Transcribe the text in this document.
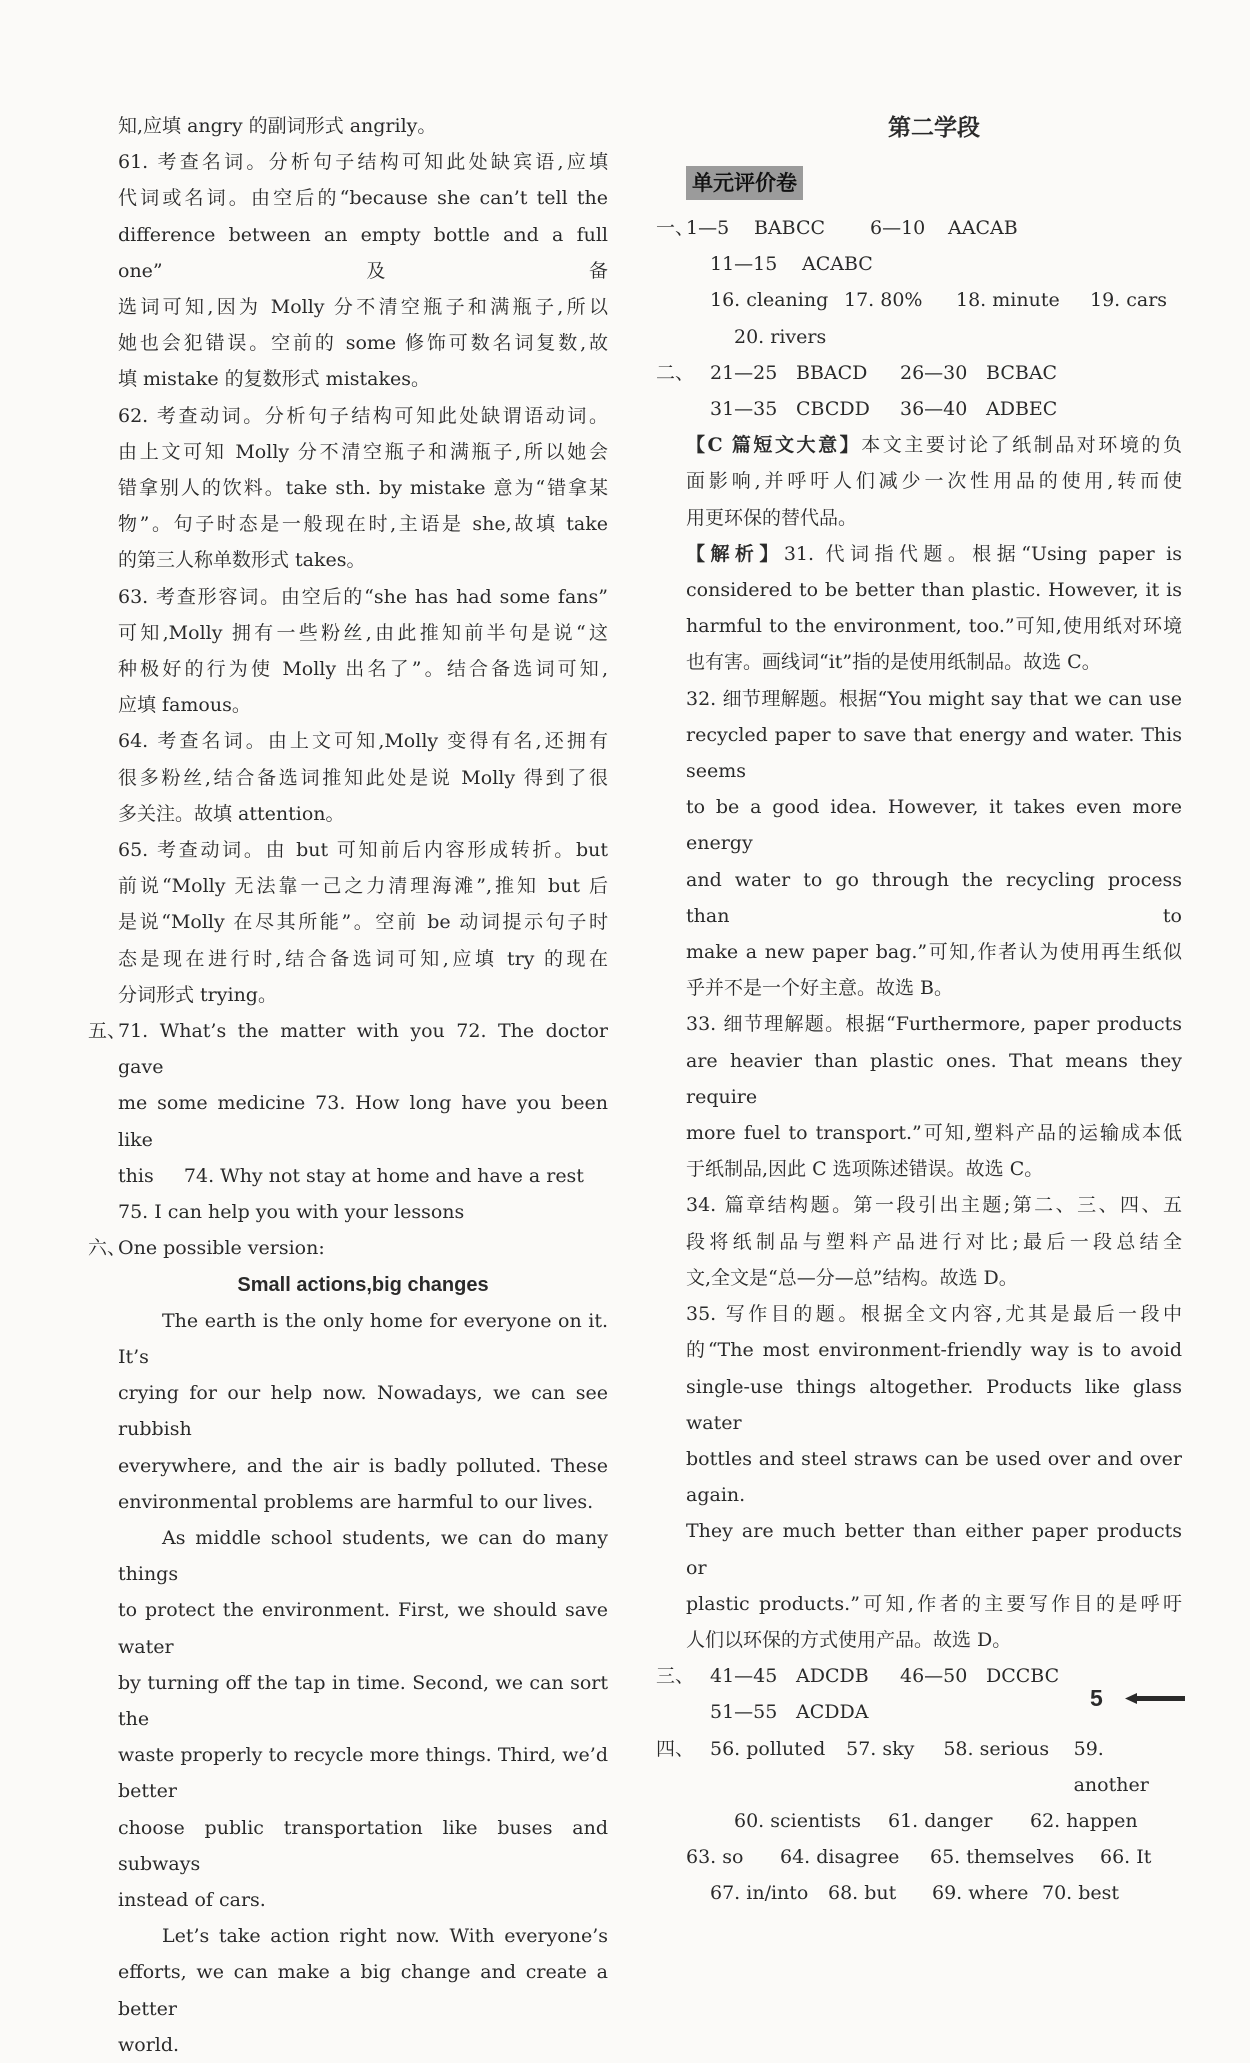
知,应填 angry 的副词形式 angrily。

61. 考查名词。分析句子结构可知此处缺宾语,应填

代词或名词。由空后的“because she can’t tell the

difference between an empty bottle and a full one”及备

选词可知,因为 Molly 分不清空瓶子和满瓶子,所以

她也会犯错误。空前的 some 修饰可数名词复数,故

填 mistake 的复数形式 mistakes。

62. 考查动词。分析句子结构可知此处缺谓语动词。

由上文可知 Molly 分不清空瓶子和满瓶子,所以她会

错拿别人的饮料。take sth. by mistake 意为“错拿某

物”。句子时态是一般现在时,主语是 she,故填 take

的第三人称单数形式 takes。

63. 考查形容词。由空后的“she has had some fans”

可知,Molly 拥有一些粉丝,由此推知前半句是说“这

种极好的行为使 Molly 出名了”。结合备选词可知,

应填 famous。

64. 考查名词。由上文可知,Molly 变得有名,还拥有

很多粉丝,结合备选词推知此处是说 Molly 得到了很

多关注。故填 attention。

65. 考查动词。由 but 可知前后内容形成转折。but

前说“Molly 无法靠一己之力清理海滩”,推知 but 后

是说“Molly 在尽其所能”。空前 be 动词提示句子时

态是现在进行时,结合备选词可知,应填 try 的现在

分词形式 trying。

五、

71. What’s the matter with you 72. The doctor gave

me some medicine 73. How long have you been like

this 74. Why not stay at home and have a rest

75. I can help you with your lessons

六、

One possible version:

Small actions,big changes

The earth is the only home for everyone on it. It’s

crying for our help now. Nowadays, we can see rubbish

everywhere, and the air is badly polluted. These

environmental problems are harmful to our lives.

As middle school students, we can do many things

to protect the environment. First, we should save water

by turning off the tap in time. Second, we can sort the

waste properly to recycle more things. Third, we’d better

choose public transportation like buses and subways

instead of cars.

Let’s take action right now. With everyone’s

efforts, we can make a big change and create a better

world.

第二学段

单元评价卷
一、
1—5	BABCC	6—10	AACAB
11—15	ACABC
16. cleaning 17. 80%	18. minute	19. cars
20. rivers
二、 21—25 BBACD	26—30 BCBAC
31—35 CBCDD	36—40 ADBEC

【C 篇短文大意】本文主要讨论了纸制品对环境的负

面影响,并呼吁人们减少一次性用品的使用,转而使

用更环保的替代品。

【解析】31. 代词指代题。根据“Using paper is

considered to be better than plastic. However, it is

harmful to the environment, too.”可知,使用纸对环境

也有害。画线词“it”指的是使用纸制品。故选 C。

32. 细节理解题。根据“You might say that we can use

recycled paper to save that energy and water. This seems

to be a good idea. However, it takes even more energy

and water to go through the recycling process than to

make a new paper bag.”可知,作者认为使用再生纸似

乎并不是一个好主意。故选 B。

33. 细节理解题。根据“Furthermore, paper products

are heavier than plastic ones. That means they require

more fuel to transport.”可知,塑料产品的运输成本低

于纸制品,因此 C 选项陈述错误。故选 C。

34. 篇章结构题。第一段引出主题;第二、三、四、五

段将纸制品与塑料产品进行对比;最后一段总结全

文,全文是“总—分—总”结构。故选 D。

35. 写作目的题。根据全文内容,尤其是最后一段中

的“The most environment-friendly way is to avoid

single-use things altogether. Products like glass water

bottles and steel straws can be used over and over again.

They are much better than either paper products or

plastic products.”可知,作者的主要写作目的是呼吁

人们以环保的方式使用产品。故选 D。

三、 41—45 ADCDB	46—50 DCCBC
51—55 ACDDA
四、 56. polluted	57. sky	58. serious	59. another
60. scientists	61. danger	62. happen
63. so	64. disagree	65. themselves	66. It
67. in/into	68. but	69. where 70. best
5
